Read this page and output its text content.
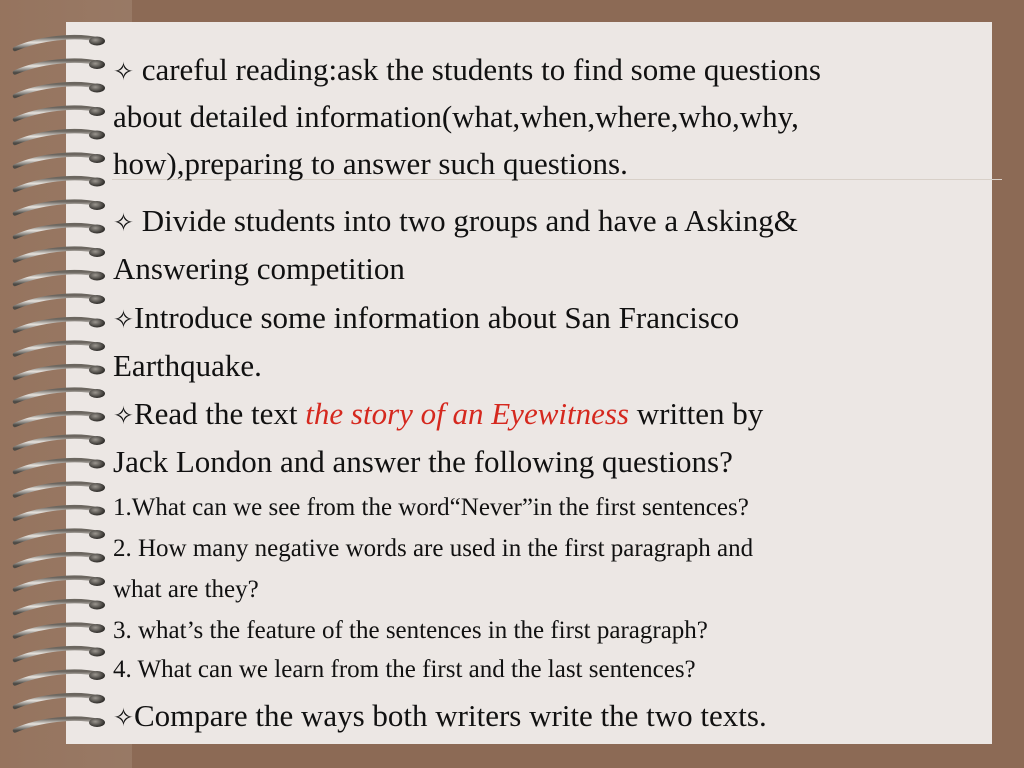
✧ careful reading:ask the students to find some questions
about detailed information(what,when,where,who,why,
how),preparing to answer such questions.
✧ Divide students into two groups and have a Asking&
Answering competition
✧Introduce some information about San Francisco
Earthquake.
✧Read the text the story of an Eyewitness written by
Jack London and answer the following questions?
1.What can we see from the word“Never”in the first sentences?
2. How many negative words are used in the first paragraph and
what are they?
3. what’s the feature of the sentences in the first paragraph?
4. What can we learn from the first and the last sentences?
✧Compare the ways both writers write the two texts.
